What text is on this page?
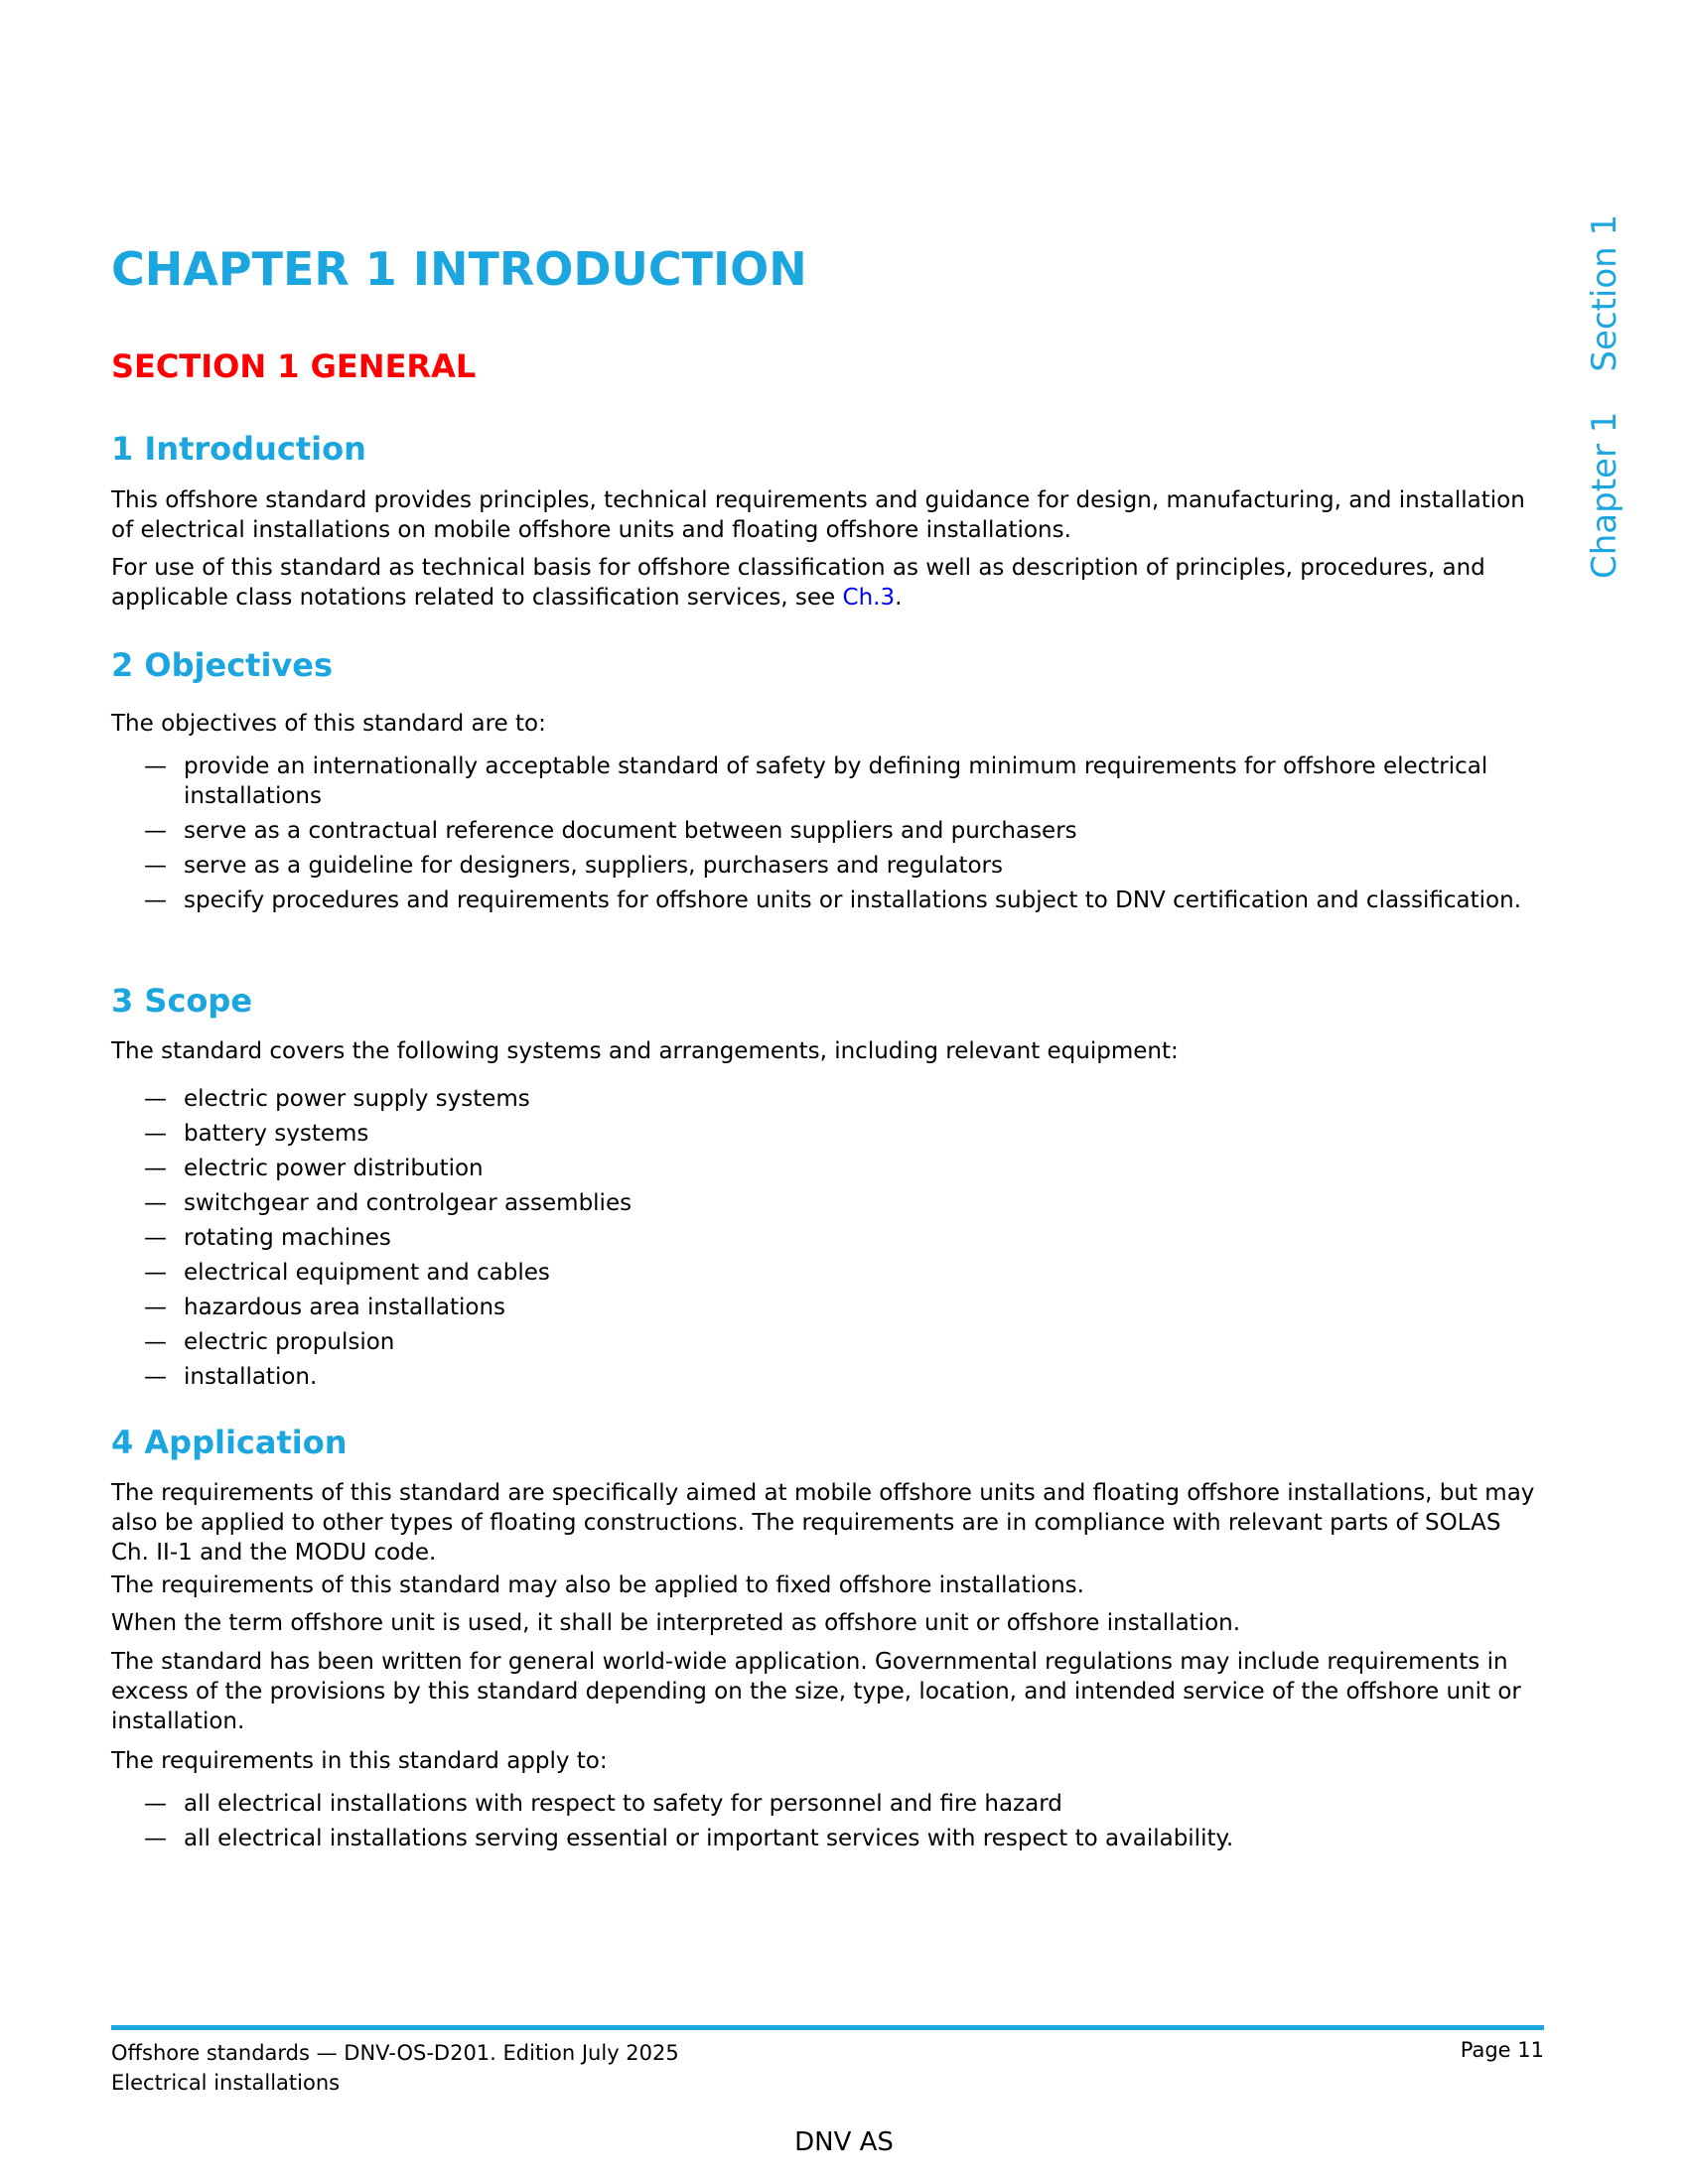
CHAPTER 1 INTRODUCTION
SECTION 1 GENERAL
1 Introduction
This offshore standard provides principles, technical requirements and guidance for design, manufacturing, and installation of electrical installations on mobile offshore units and floating offshore installations.
For use of this standard as technical basis for offshore classification as well as description of principles, procedures, and applicable class notations related to classification services, see Ch.3.
2 Objectives
The objectives of this standard are to:
— provide an internationally acceptable standard of safety by defining minimum requirements for offshore electrical installations
— serve as a contractual reference document between suppliers and purchasers
— serve as a guideline for designers, suppliers, purchasers and regulators
— specify procedures and requirements for offshore units or installations subject to DNV certification and classification.
3 Scope
The standard covers the following systems and arrangements, including relevant equipment:
— electric power supply systems
— battery systems
— electric power distribution
— switchgear and controlgear assemblies
— rotating machines
— electrical equipment and cables
— hazardous area installations
— electric propulsion
— installation.
4 Application
The requirements of this standard are specifically aimed at mobile offshore units and floating offshore installations, but may also be applied to other types of floating constructions. The requirements are in compliance with relevant parts of SOLAS Ch. II-1 and the MODU code.
The requirements of this standard may also be applied to fixed offshore installations.
When the term offshore unit is used, it shall be interpreted as offshore unit or offshore installation.
The standard has been written for general world-wide application. Governmental regulations may include requirements in excess of the provisions by this standard depending on the size, type, location, and intended service of the offshore unit or installation.
The requirements in this standard apply to:
— all electrical installations with respect to safety for personnel and fire hazard
— all electrical installations serving essential or important services with respect to availability.
Chapter 1Section 1
Offshore standards — DNV-OS-D201. Edition July 2025
Electrical installations
Page 11
DNV AS
